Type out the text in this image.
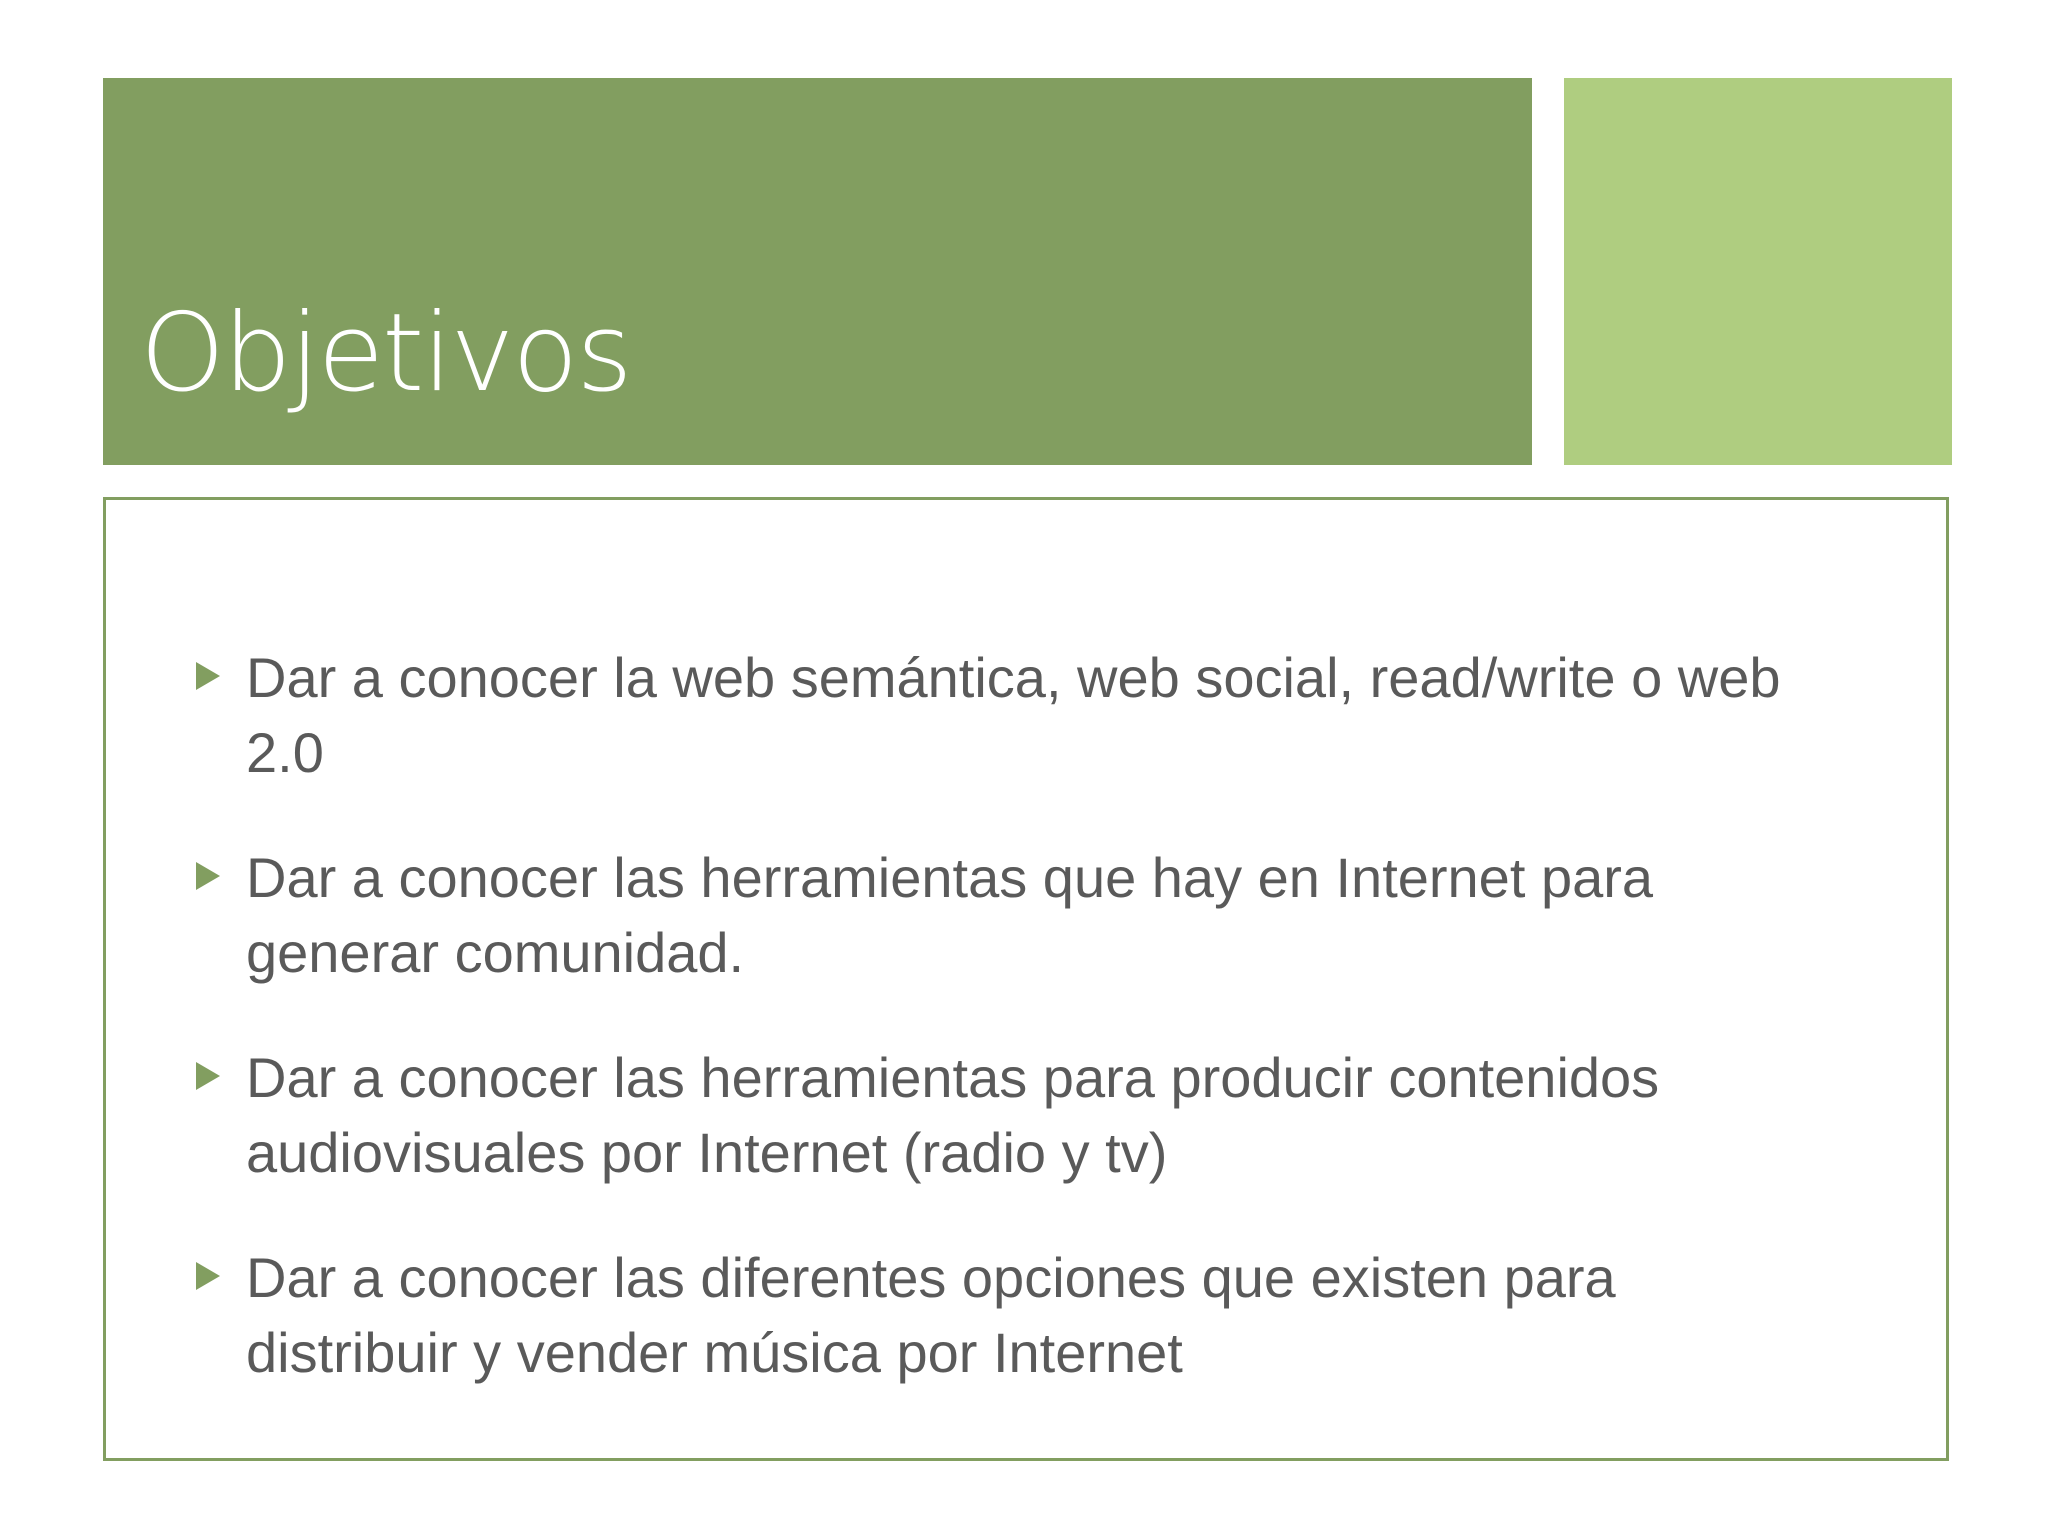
Objetivos
Dar a conocer la web semántica, web social, read/write o web 2.0
Dar a conocer las herramientas que hay en Internet para generar comunidad.
Dar a conocer las herramientas para producir contenidos audiovisuales por Internet (radio y tv)
Dar a conocer las diferentes opciones que existen para distribuir y vender música por Internet
